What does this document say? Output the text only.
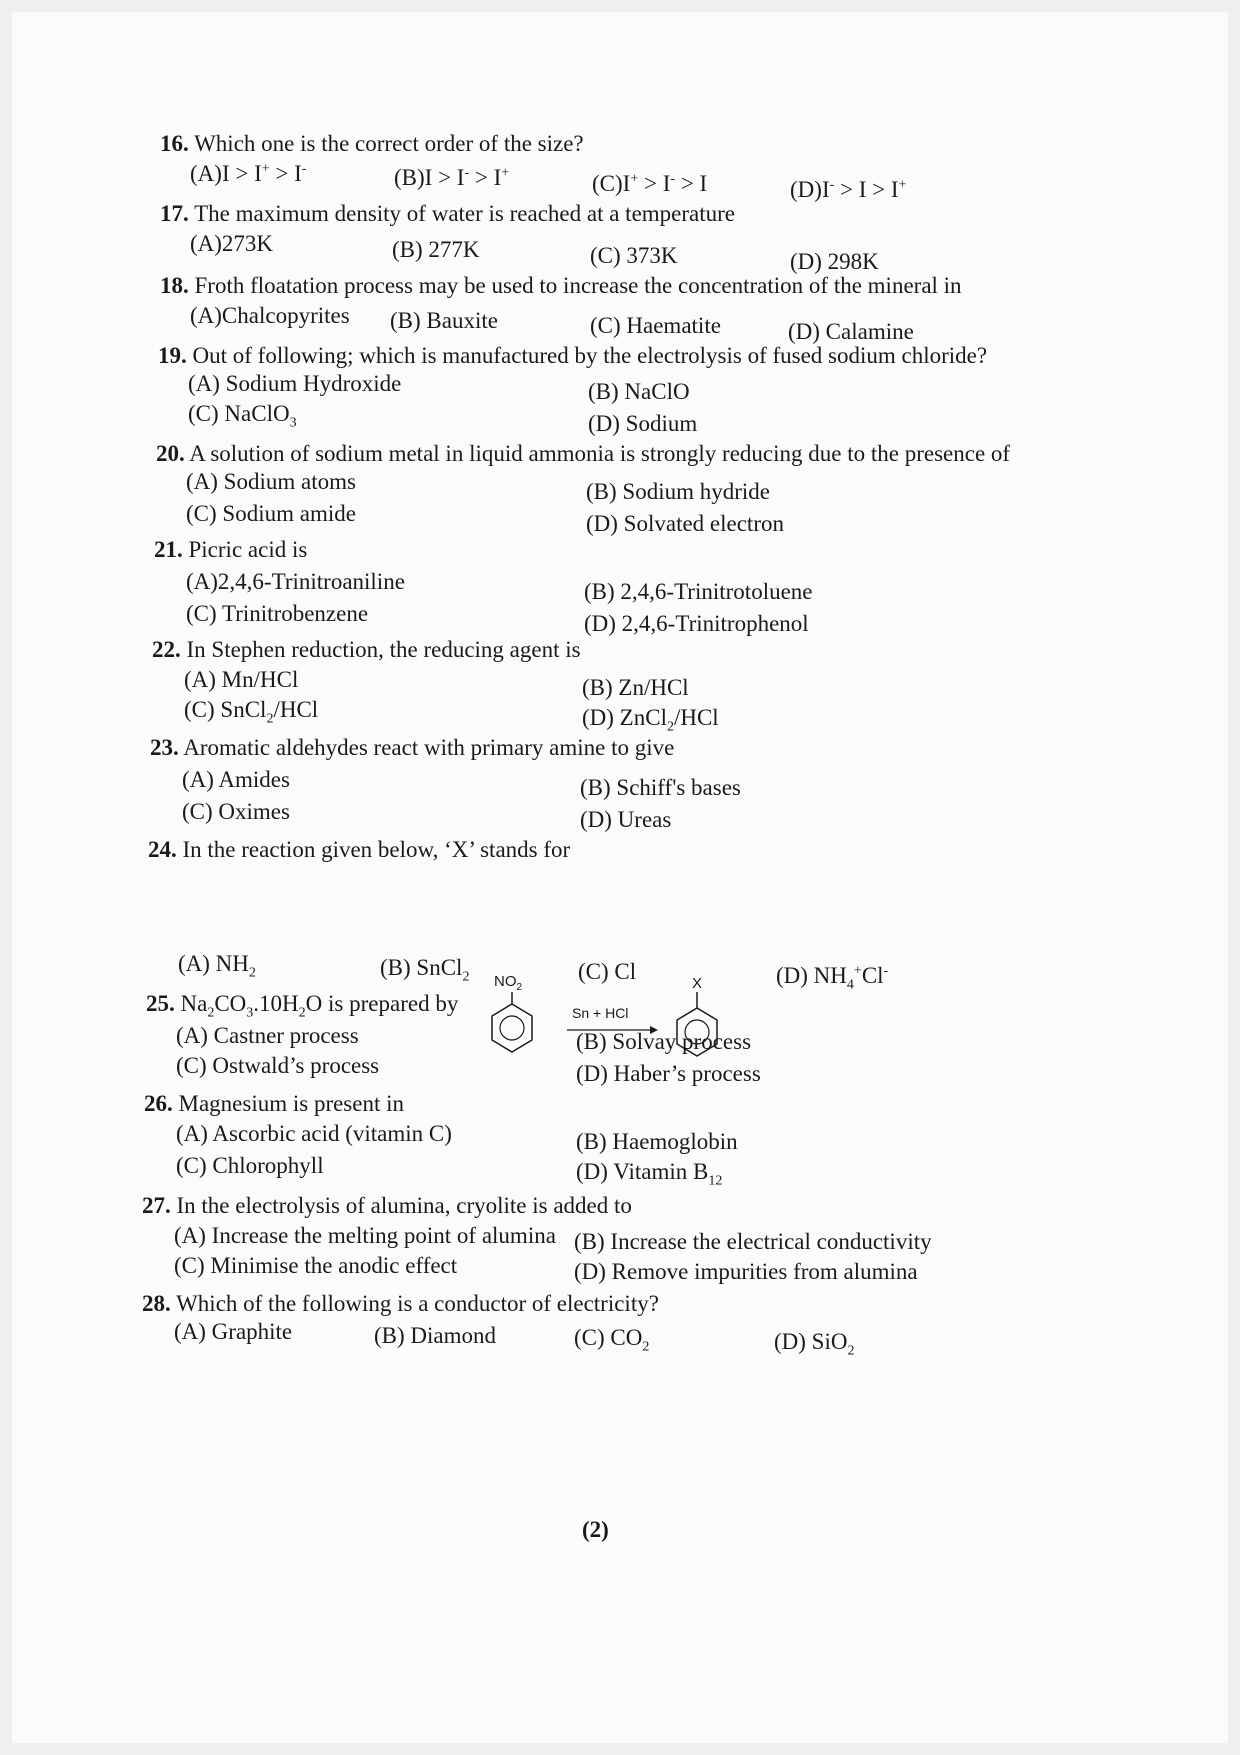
16. Which one is the correct order of the size?
(A)I > I+ > I-	(B)I > I- > I+	(C)I+ > I- > I	(D)I- > I > I+
17. The maximum density of water is reached at a temperature
(A)273K	(B) 277K	(C) 373K	(D) 298K
18. Froth floatation process may be used to increase the concentration of the mineral in
(A)Chalcopyrites (B) Bauxite	(C) Haematite	(D) Calamine
19. Out of following; which is manufactured by the electrolysis of fused sodium chloride?
(A) Sodium Hydroxide	(B) NaClO
(C) NaClO$_3$	(D) Sodium
20. A solution of sodium metal in liquid ammonia is strongly reducing due to the presence of
(A) Sodium atoms	(B) Sodium hydride
(C) Sodium amide	(D) Solvated electron
21. Picric acid is
(A)2,4,6-Trinitroaniline	(B) 2,4,6-Trinitrotoluene
(C) Trinitrobenzene	(D) 2,4,6-Trinitrophenol
22. In Stephen reduction, the reducing agent is
(A) Mn/HCl	(B) Zn/HCl
(C) SnCl$_2$/HCl	(D) ZnCl$_2$/HCl
23. Aromatic aldehydes react with primary amine to give
(A) Amides	(B) Schiff's bases
(C) Oximes	(D) Ureas
24. In the reaction given below, ‘X’ stands for
$NO_2$
Sn + HCl
X
(A) $NH_2$	(B) SnCl$_2$	(C) Cl	(D) $NH_4^+Cl^-$
25. $Na_2CO_3.10H_2O$ is prepared by
(A) Castner process	(B) Solvay process
(C) Ostwald’s process	(D) Haber’s process
26. Magnesium is present in
(A) Ascorbic acid (vitamin C)	(B) Haemoglobin
(C) Chlorophyll	(D) Vitamin $B_{12}$
27. In the electrolysis of alumina, cryolite is added to
(A) Increase the melting point of alumina (B) Increase the electrical conductivity
(C) Minimise the anodic effect	(D) Remove impurities from alumina
28. Which of the following is a conductor of electricity?
(A) Graphite	(B) Diamond	(C) $CO_2$	(D) SiO$_2$
(2)
